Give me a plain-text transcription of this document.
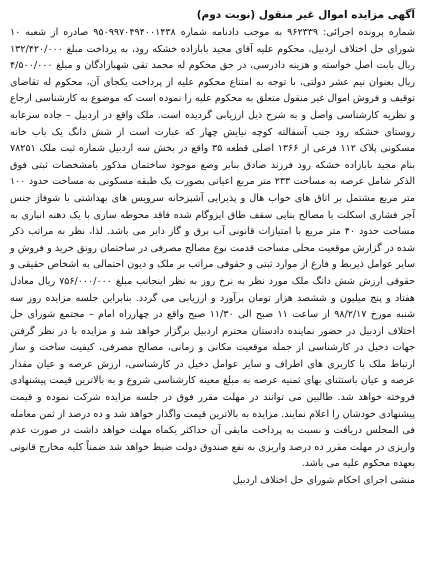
آگهی مزایده اموال غیر منقول (نوبت دوم)

شماره پرونده اجرائی: ۹۶۲۳۳۹ به موجب دادنامه شماره ۹۵۰۹۹۷۰۴۹۴۰۰۱۴۳۸ صادره از شعبه ۱۰ شورای حل اختلاف اردبیل، محکوم علیه آقای مجید بابازاده خشکه رود، به پرداخت مبلغ ۱۳۲/۴۲۰/۰۰۰ ریال بابت اصل خواسته و هزینه دادرسی، در حق محکوم له محمد تقی شهبازادگان و مبلغ ۴/۵۰۰/۰۰۰ ریال بعنوان نیم عشر دولتی، با توجه به امتناع محکوم علیه از پرداخت یکجای آن، محکوم له تقاضای توقیف و فروش اموال غیر منقول متعلق به محکوم علیه را نموده است که موضوع به کارشناسی ارجاع و نظریه کارشناسی واصل و به شرح ذیل ارزیابی گردیده است. ملک واقع در اردبیل – جاده سرعابه روستای خشکه رود جنب آسفالته کوچه نیایش چهار که عبارت است از شش دانگ یک باب خانه مسکونی پلاک ۱۱۲ فرعی از ۱۳۶۶ اصلی قطعه ۳۵ واقع در بخش سه اردبیل شماره ثبت ملک ۷۸۲۵۱ بنام مجید بابازاده خشکه رود فرزند صادق بنابر وضع موجود ساختمان مذکور بامشخصات ثبتی فوق الذکر شامل عرصه به مساحت ۲۳۳ متر مربع اعیانی بصورت یک طبقه مسکونی به مساحت حدود ۱۰۰ متر مربع مشتمل بر اتاق های خواب هال و پذیرایی آشپزخانه سرویس های بهداشتی با شوفاژ جنس آجر فشاری اسکلت با مصالح بنایی سقف طاق ایزوگام شده فاقد محوطه سازی با یک دهنه انباری به مساحت حدود ۴۰ متر مربع با امتیازات قانونی آب برق و گاز دایر می باشد. لذا، نظر به مراتب ذکر شده در گزارش موقعیت محلی مساحت قدمت نوع مصالح مصرفی در ساختمان رونق خرید و فروش و سایر عوامل ذیربط و فارغ از موارد ثبتی و حقوقی مراتب بر ملک و دیون احتمالی به اشخاص حقیقی و حقوقی ارزش شش دانگ ملک مورد نظر به نرخ روز به نظر اینجانب مبلغ ۷۵۶/۰۰۰/۰۰۰ ریال معادل هفتاد و پنج میلیون و ششصد هزار تومان برآورد و ارزیابی می گردد. بنابراین جلسه مزایده روز سه شنبه مورخ ۹۸/۲/۱۷ از ساعت ۱۱ صبح الی ۱۱/۳۰ صبح واقع در چهارراه امام – مجتمع شورای حل اختلاف اردبیل در حضور نماینده دادستان محترم اردبیل برگزار خواهد شد و مزایده با در نظر گرفتن جهات دخیل در کارشناسی از جمله موقعیت مکانی و زمانی، مصالح مصرفی، کیفیت ساخت و ساز ارتباط ملک با کاربری های اطراف و سایر عوامل دخیل در کارشناسی، ارزش عرصه و عیان مقدار عرصه و عیان باستثنای بهای ثمنیه عرصه به مبلغ معینه کارشناسی شروع و به بالاترین قیمت پیشنهادی فروخته خواهد شد. طالبین می توانند در مهلت مقرر فوق در جلسه مزایده شرکت نموده و قیمت پیشنهادی خودشان را اعلام نمایند. مزایده به بالاترین قیمت واگذار خواهد شد و ده درصد از ثمن معامله فی المجلس دریافت و نسبت به پرداخت مابقی آن حداکثر یکماه مهلت خواهد داشت در صورت عدم واریزی در مهلت مقرر ده درصد واریزی به نفع صندوق دولت ضبط خواهد شد ضمناً کلیه مخارج قانونی بعهده محکوم علیه می باشد.

منشی اجرای احکام شورای حل اختلاف اردبیل
